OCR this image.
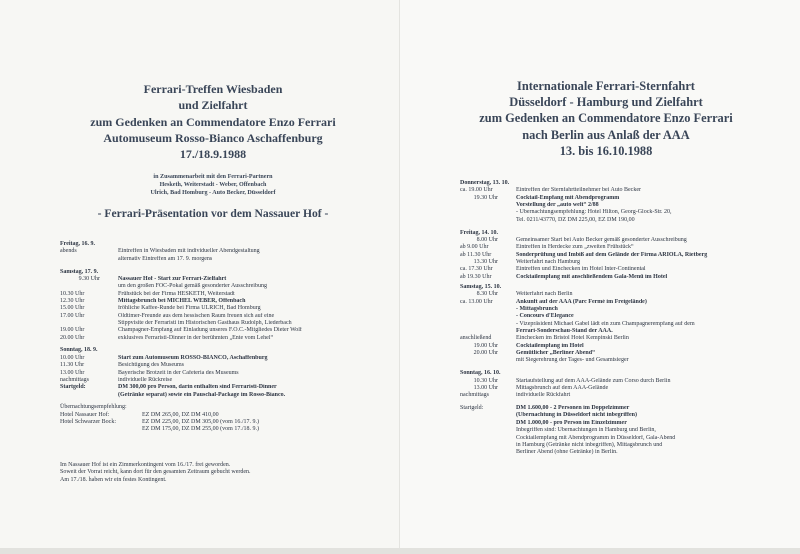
Ferrari-Treffen Wiesbaden
und Zielfahrt
zum Gedenken an Commendatore Enzo Ferrari
Automuseum Rosso-Bianco Aschaffenburg
17./18.9.1988
in Zusammenarbeit mit den Ferrari-Partnern
Hesketh, Weiterstadt - Weber, Offenbach
Ulrich, Bad Homburg - Auto Becker, Düsseldorf
- Ferrari-Präsentation vor dem Nassauer Hof -
Freitag, 16. 9.
abends	Eintreffen in Wiesbaden mit individueller Abendgestaltung
alternativ Eintreffen am 17. 9. morgens
Samstag, 17. 9.
9.30 Uhr	Nassauer Hof - Start zur Ferrari-Zielfahrt
um den großen FOC-Pokal gemäß gesonderter Ausschreibung
10.30 Uhr	Frühstück bei der Firma HESKETH, Weiterstadt
12.30 Uhr	Mittagsbrunch bei MICHEL WEBER, Offenbach
15.00 Uhr	fröhliche Kaffee-Runde bei Firma ULRICH, Bad Homburg
17.00 Uhr	Oldtimer-Freunde aus dem hessischen Raum freuen sich auf eine
Stippvisite der Ferraristi im Historischen Gasthaus Rudolph, Liederbach
19.00 Uhr	Champagner-Empfang auf Einladung unseres F.O.C.-Mitgliedes Dieter Wolf
20.00 Uhr	exklusives Ferraristi-Dinner in der berühmten „Ente vom Lehel“
Sonntag, 18. 9.
10.00 Uhr	Start zum Automuseum ROSSO-BIANCO, Aschaffenburg
11.30 Uhr	Besichtigung des Museums
13.00 Uhr	Bayerische Brotzeit in der Cafeteria des Museums
nachmittags	individuelle Rückreise
Startgeld:	DM 300,00 pro Person, darin enthalten sind Ferraristi-Dinner
(Getränke separat) sowie ein Pauschal-Package im Rosso-Bianco.
Übernachtungsempfehlung:
Hotel Nassauer Hof:	EZ DM 265,00, DZ DM 410,00
Hotel Schwarzer Bock:	EZ DM 225,00, DZ DM 305,00 (vom 16./17. 9.)
EZ DM 175,00, DZ DM 255,00 (vom 17./18. 9.)
Im Nassauer Hof ist ein Zimmerkontingent vom 16./17. frei geworden.
Soweit der Vorrat reicht, kann dort für den gesamten Zeitraum gebucht werden.
Am 17./18. haben wir ein festes Kontingent.
Internationale Ferrari-Sternfahrt
Düsseldorf - Hamburg und Zielfahrt
zum Gedenken an Commendatore Enzo Ferrari
nach Berlin aus Anlaß der AAA
13. bis 16.10.1988
Donnerstag, 13. 10.
ca. 19.00 Uhr	Eintreffen der Sternfahrtteilnehmer bei Auto Becker
19.30 Uhr	Cocktail-Empfang mit Abendprogramm
Vorstellung der „auto welt“ 2/88
- Übernachtungsempfehlung: Hotel Hilton, Georg-Glock-Str. 20,
Tel. 0211/43770, DZ DM 225,00, EZ DM 190,00
Freitag, 14. 10.
8.00 Uhr	Gemeinsamer Start bei Auto Becker gemäß gesonderter Ausschreibung
ab 9.00 Uhr	Eintreffen in Herdecke zum „zweiten Frühstück“
ab 11.30 Uhr	Sonderprüfung und Imbiß auf dem Gelände der Firma ARIOLA, Rietberg
13.30 Uhr	Weiterfahrt nach Hamburg
ca. 17.30 Uhr	Eintreffen und Einchecken im Hotel Inter-Continental
ab 19.30 Uhr	Cocktailempfang mit anschließendem Gala-Menü im Hotel
Samstag, 15. 10.
8.30 Uhr	Weiterfahrt nach Berlin
ca. 13.00 Uhr	Ankunft auf der AAA (Parc Fermé im Freigelände)
- Mittagsbrunch
- Concours d'Elegance
- Vizepräsident Michael Gabel lädt ein zum Champagnerempfang auf dem
Ferrari-Sonderschau-Stand der AAA.
anschließend	Einchecken im Bristol Hotel Kempinski Berlin
19.00 Uhr	Cocktailempfang im Hotel
20.00 Uhr	Gemütlicher „Berliner Abend“
mit Siegerehrung der Tages- und Gesamtsieger
Sonntag, 16. 10.
10.30 Uhr	Startaufstellung auf dem AAA-Gelände zum Corso durch Berlin
13.00 Uhr	Mittagsbrunch auf dem AAA-Gelände
nachmittags	individuelle Rückfahrt
Startgeld:	DM 1.600,00 - 2 Personen im Doppelzimmer
(Übernachtung in Düsseldorf nicht inbegriffen)
DM 1.000,00 - pro Person im Einzelzimmer
Inbegriffen sind: Übernachtungen in Hamburg und Berlin,
Cocktailempfang mit Abendprogramm in Düsseldorf, Gala-Abend
in Hamburg (Getränke nicht inbegriffen), Mittagsbrunch und
Berliner Abend (ohne Getränke) in Berlin.
